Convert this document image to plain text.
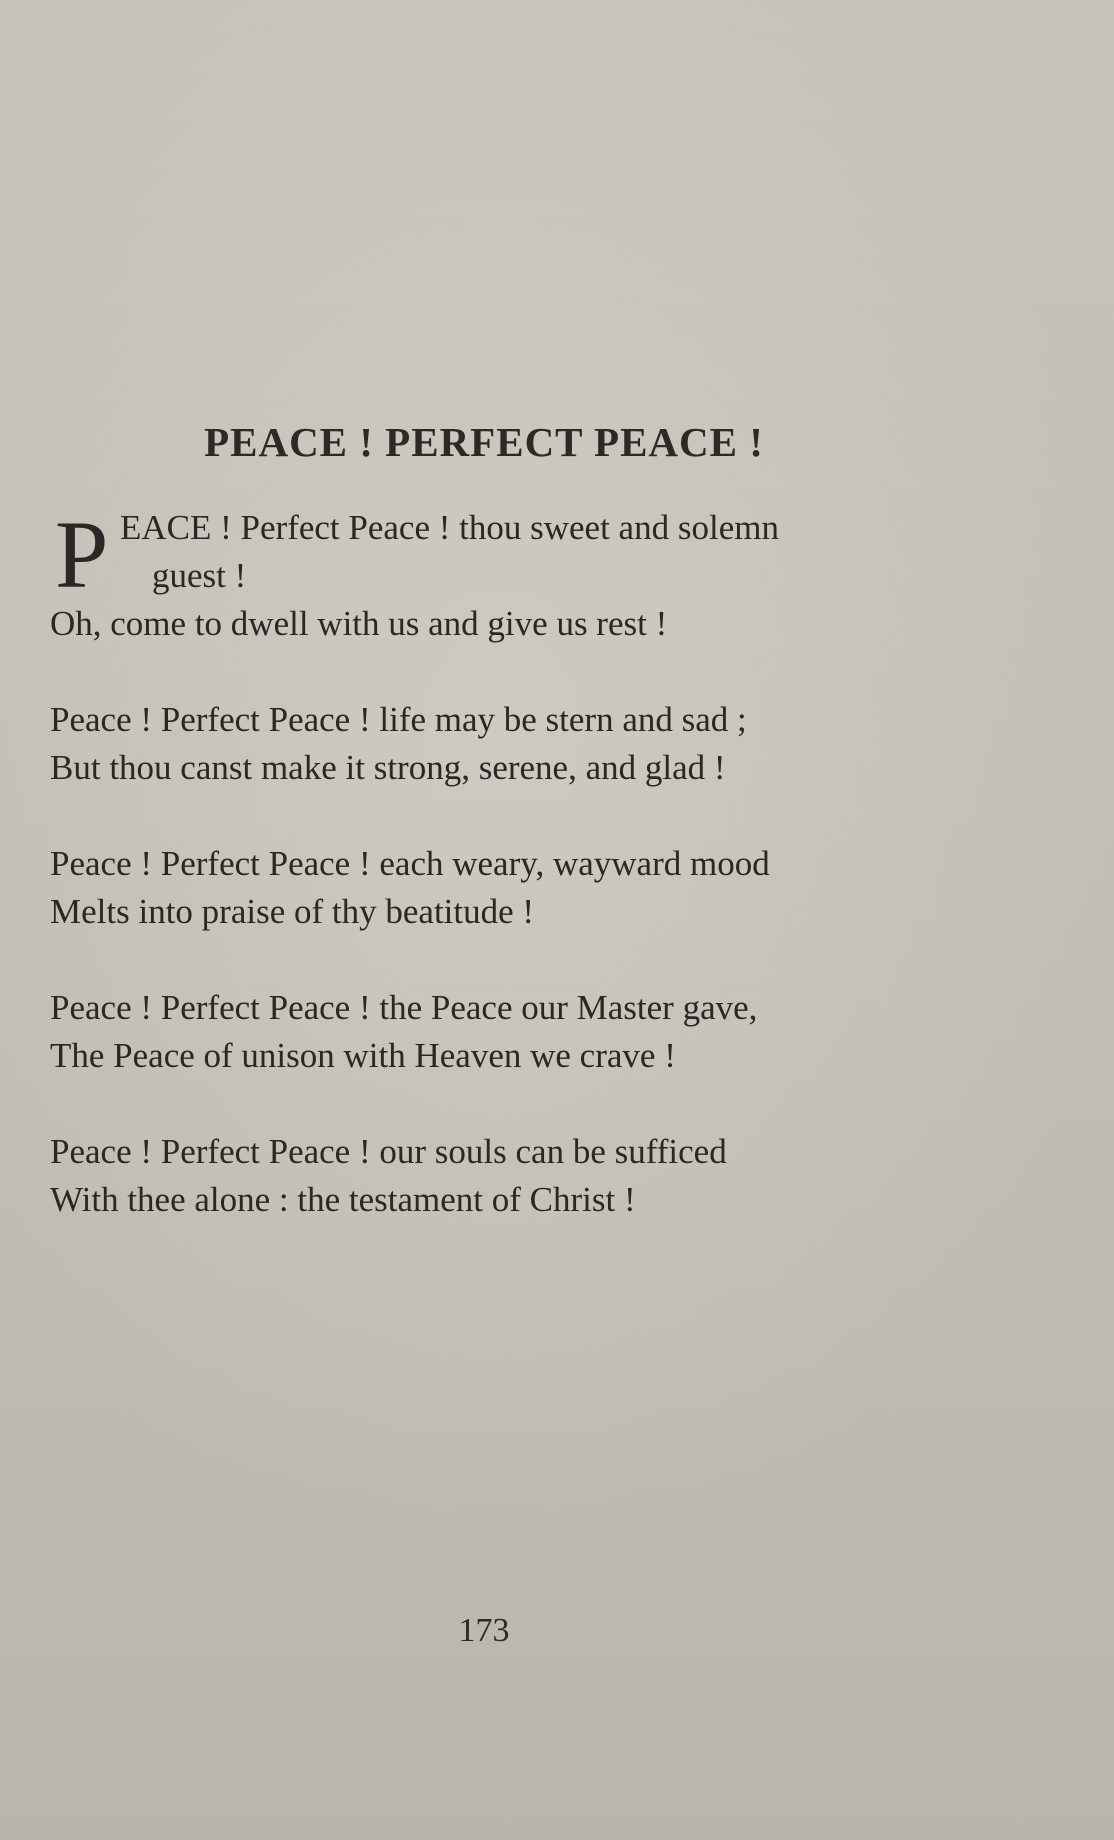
PEACE ! PERFECT PEACE !
P EACE ! Perfect Peace ! thou sweet and solemn
guest !
Oh, come to dwell with us and give us rest !
Peace ! Perfect Peace ! life may be stern and sad ;
But thou canst make it strong, serene, and glad !
Peace ! Perfect Peace ! each weary, wayward mood
Melts into praise of thy beatitude !
Peace ! Perfect Peace ! the Peace our Master gave,
The Peace of unison with Heaven we crave !
Peace ! Perfect Peace ! our souls can be sufficed
With thee alone : the testament of Christ !
173
